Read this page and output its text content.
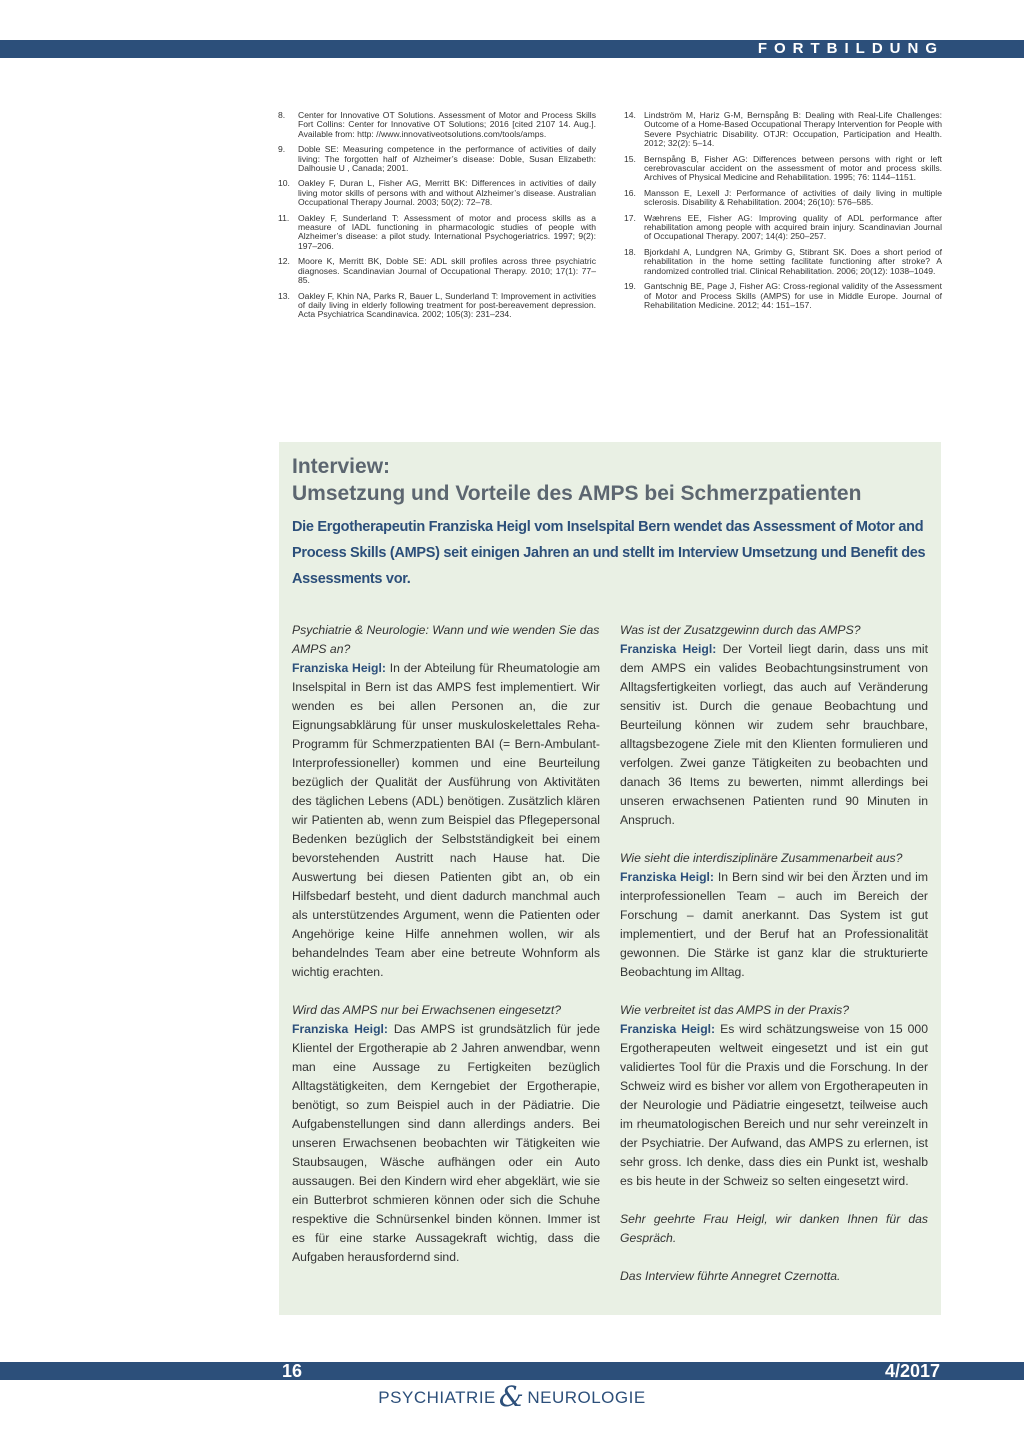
FORTBILDUNG
8.	Center for Innovative OT Solutions. Assessment of Motor and Process Skills Fort Collins: Center for Innovative OT Solutions; 2016 [cited 2107 14. Aug.]. Available from: http: //www.innovativeotsolutions.com/tools/amps.
9.	Doble SE: Measuring competence in the performance of activities of daily living: The forgotten half of Alzheimer’s disease: Doble, Susan Elizabeth: Dalhousie U , Canada; 2001.
10. Oakley F, Duran L, Fisher AG, Merritt BK: Differences in activities of daily living motor skills of persons with and without Alzheimer’s disease. Australian Occupational Therapy Journal. 2003; 50(2): 72–78.
11.	Oakley F, Sunderland T: Assessment of motor and process skills as a measure of IADL functioning in pharmacologic studies of people with Alzheimer’s disease: a pilot study. International Psychogeriatrics. 1997; 9(2): 197–206.
12. Moore K, Merritt BK, Doble SE: ADL skill profiles across three psychiatric diagnoses. Scandinavian Journal of Occupational Therapy. 2010; 17(1): 77–85.
13. Oakley F, Khin NA, Parks R, Bauer L, Sunderland T: Improvement in activities of daily living in elderly following treatment for post-bereavement depression. Acta Psychiatrica Scandinavica. 2002; 105(3): 231–234.
14. Lindström M, Hariz G-M, Bernspång B: Dealing with Real-Life Challenges: Outcome of a Home-Based Occupational Therapy Intervention for People with Severe Psychiatric Disability. OTJR: Occupation, Participation and Health. 2012; 32(2): 5–14.
15. Bernspång B, Fisher AG: Differences between persons with right or left cerebrovascular accident on the assessment of motor and process skills. Archives of Physical Medicine and Rehabilitation. 1995; 76: 1144–1151.
16. Mansson E, Lexell J: Performance of activities of daily living in multiple sclerosis. Disability & Rehabilitation. 2004; 26(10): 576–585.
17. Wæhrens EE, Fisher AG: Improving quality of ADL performance after rehabilitation among people with acquired brain injury. Scandinavian Journal of Occupational Therapy. 2007; 14(4): 250–257.
18. Bjorkdahl A, Lundgren NA, Grimby G, Stibrant SK. Does a short period of rehabilitation in the home setting facilitate functioning after stroke? A randomized controlled trial. Clinical Rehabilitation. 2006; 20(12): 1038–1049.
19. Gantschnig BE, Page J, Fisher AG: Cross-regional validity of the Assessment of Motor and Process Skills (AMPS) for use in Middle Europe. Journal of Rehabilitation Medicine. 2012; 44: 151–157.
Interview:
Umsetzung und Vorteile des AMPS bei Schmerzpatienten
Die Ergotherapeutin Franziska Heigl vom Inselspital Bern wendet das Assessment of Motor and Process Skills (AMPS) seit einigen Jahren an und stellt im Interview Umsetzung und Benefit des Assessments vor.
Psychiatrie & Neurologie: Wann und wie wenden Sie das AMPS an?
Franziska Heigl: In der Abteilung für Rheumatologie am Inselspital in Bern ist das AMPS fest implementiert. Wir wenden es bei allen Personen an, die zur Eignungsabklärung für unser muskuloskelettales Reha-Programm für Schmerzpatienten BAI (= Bern-Ambulant-Interprofessioneller) kommen und eine Beurteilung bezüglich der Qualität der Ausführung von Aktivitäten des täglichen Lebens (ADL) benötigen. Zusätzlich klären wir Patienten ab, wenn zum Beispiel das Pflegepersonal Bedenken bezüglich der Selbstständigkeit bei einem bevorstehenden Austritt nach Hause hat. Die Auswertung bei diesen Patienten gibt an, ob ein Hilfsbedarf besteht, und dient dadurch manchmal auch als unterstützendes Argument, wenn die Patienten oder Angehörige keine Hilfe annehmen wollen, wir als behandelndes Team aber eine betreute Wohnform als wichtig erachten.
Wird das AMPS nur bei Erwachsenen eingesetzt?
Franziska Heigl: Das AMPS ist grundsätzlich für jede Klientel der Ergotherapie ab 2 Jahren anwendbar, wenn man eine Aussage zu Fertigkeiten bezüglich Alltagstätigkeiten, dem Kerngebiet der Ergotherapie, benötigt, so zum Beispiel auch in der Pädiatrie. Die Aufgabenstellungen sind dann allerdings anders. Bei unseren Erwachsenen beobachten wir Tätigkeiten wie Staubsaugen, Wäsche aufhängen oder ein Auto aussaugen. Bei den Kindern wird eher abgeklärt, wie sie ein Butterbrot schmieren können oder sich die Schuhe respektive die Schnürsenkel binden können. Immer ist es für eine starke Aussagekraft wichtig, dass die Aufgaben herausfordernd sind.
Was ist der Zusatzgewinn durch das AMPS?
Franziska Heigl: Der Vorteil liegt darin, dass uns mit dem AMPS ein valides Beobachtungsinstrument von Alltagsfertigkeiten vorliegt, das auch auf Veränderung sensitiv ist. Durch die genaue Beobachtung und Beurteilung können wir zudem sehr brauchbare, alltagsbezogene Ziele mit den Klienten formulieren und verfolgen. Zwei ganze Tätigkeiten zu beobachten und danach 36 Items zu bewerten, nimmt allerdings bei unseren erwachsenen Patienten rund 90 Minuten in Anspruch.
Wie sieht die interdisziplinäre Zusammenarbeit aus?
Franziska Heigl: In Bern sind wir bei den Ärzten und im interprofessionellen Team – auch im Bereich der Forschung – damit anerkannt. Das System ist gut implementiert, und der Beruf hat an Professionalität gewonnen. Die Stärke ist ganz klar die strukturierte Beobachtung im Alltag.
Wie verbreitet ist das AMPS in der Praxis?
Franziska Heigl: Es wird schätzungsweise von 15 000 Ergotherapeuten weltweit eingesetzt und ist ein gut validiertes Tool für die Praxis und die Forschung. In der Schweiz wird es bisher vor allem von Ergotherapeuten in der Neurologie und Pädiatrie eingesetzt, teilweise auch im rheumatologischen Bereich und nur sehr vereinzelt in der Psychiatrie. Der Aufwand, das AMPS zu erlernen, ist sehr gross. Ich denke, dass dies ein Punkt ist, weshalb es bis heute in der Schweiz so selten eingesetzt wird.
Sehr geehrte Frau Heigl, wir danken Ihnen für das Gespräch.
Das Interview führte Annegret Czernotta.
16	4/2017
PSYCHIATRIE & NEUROLOGIE
